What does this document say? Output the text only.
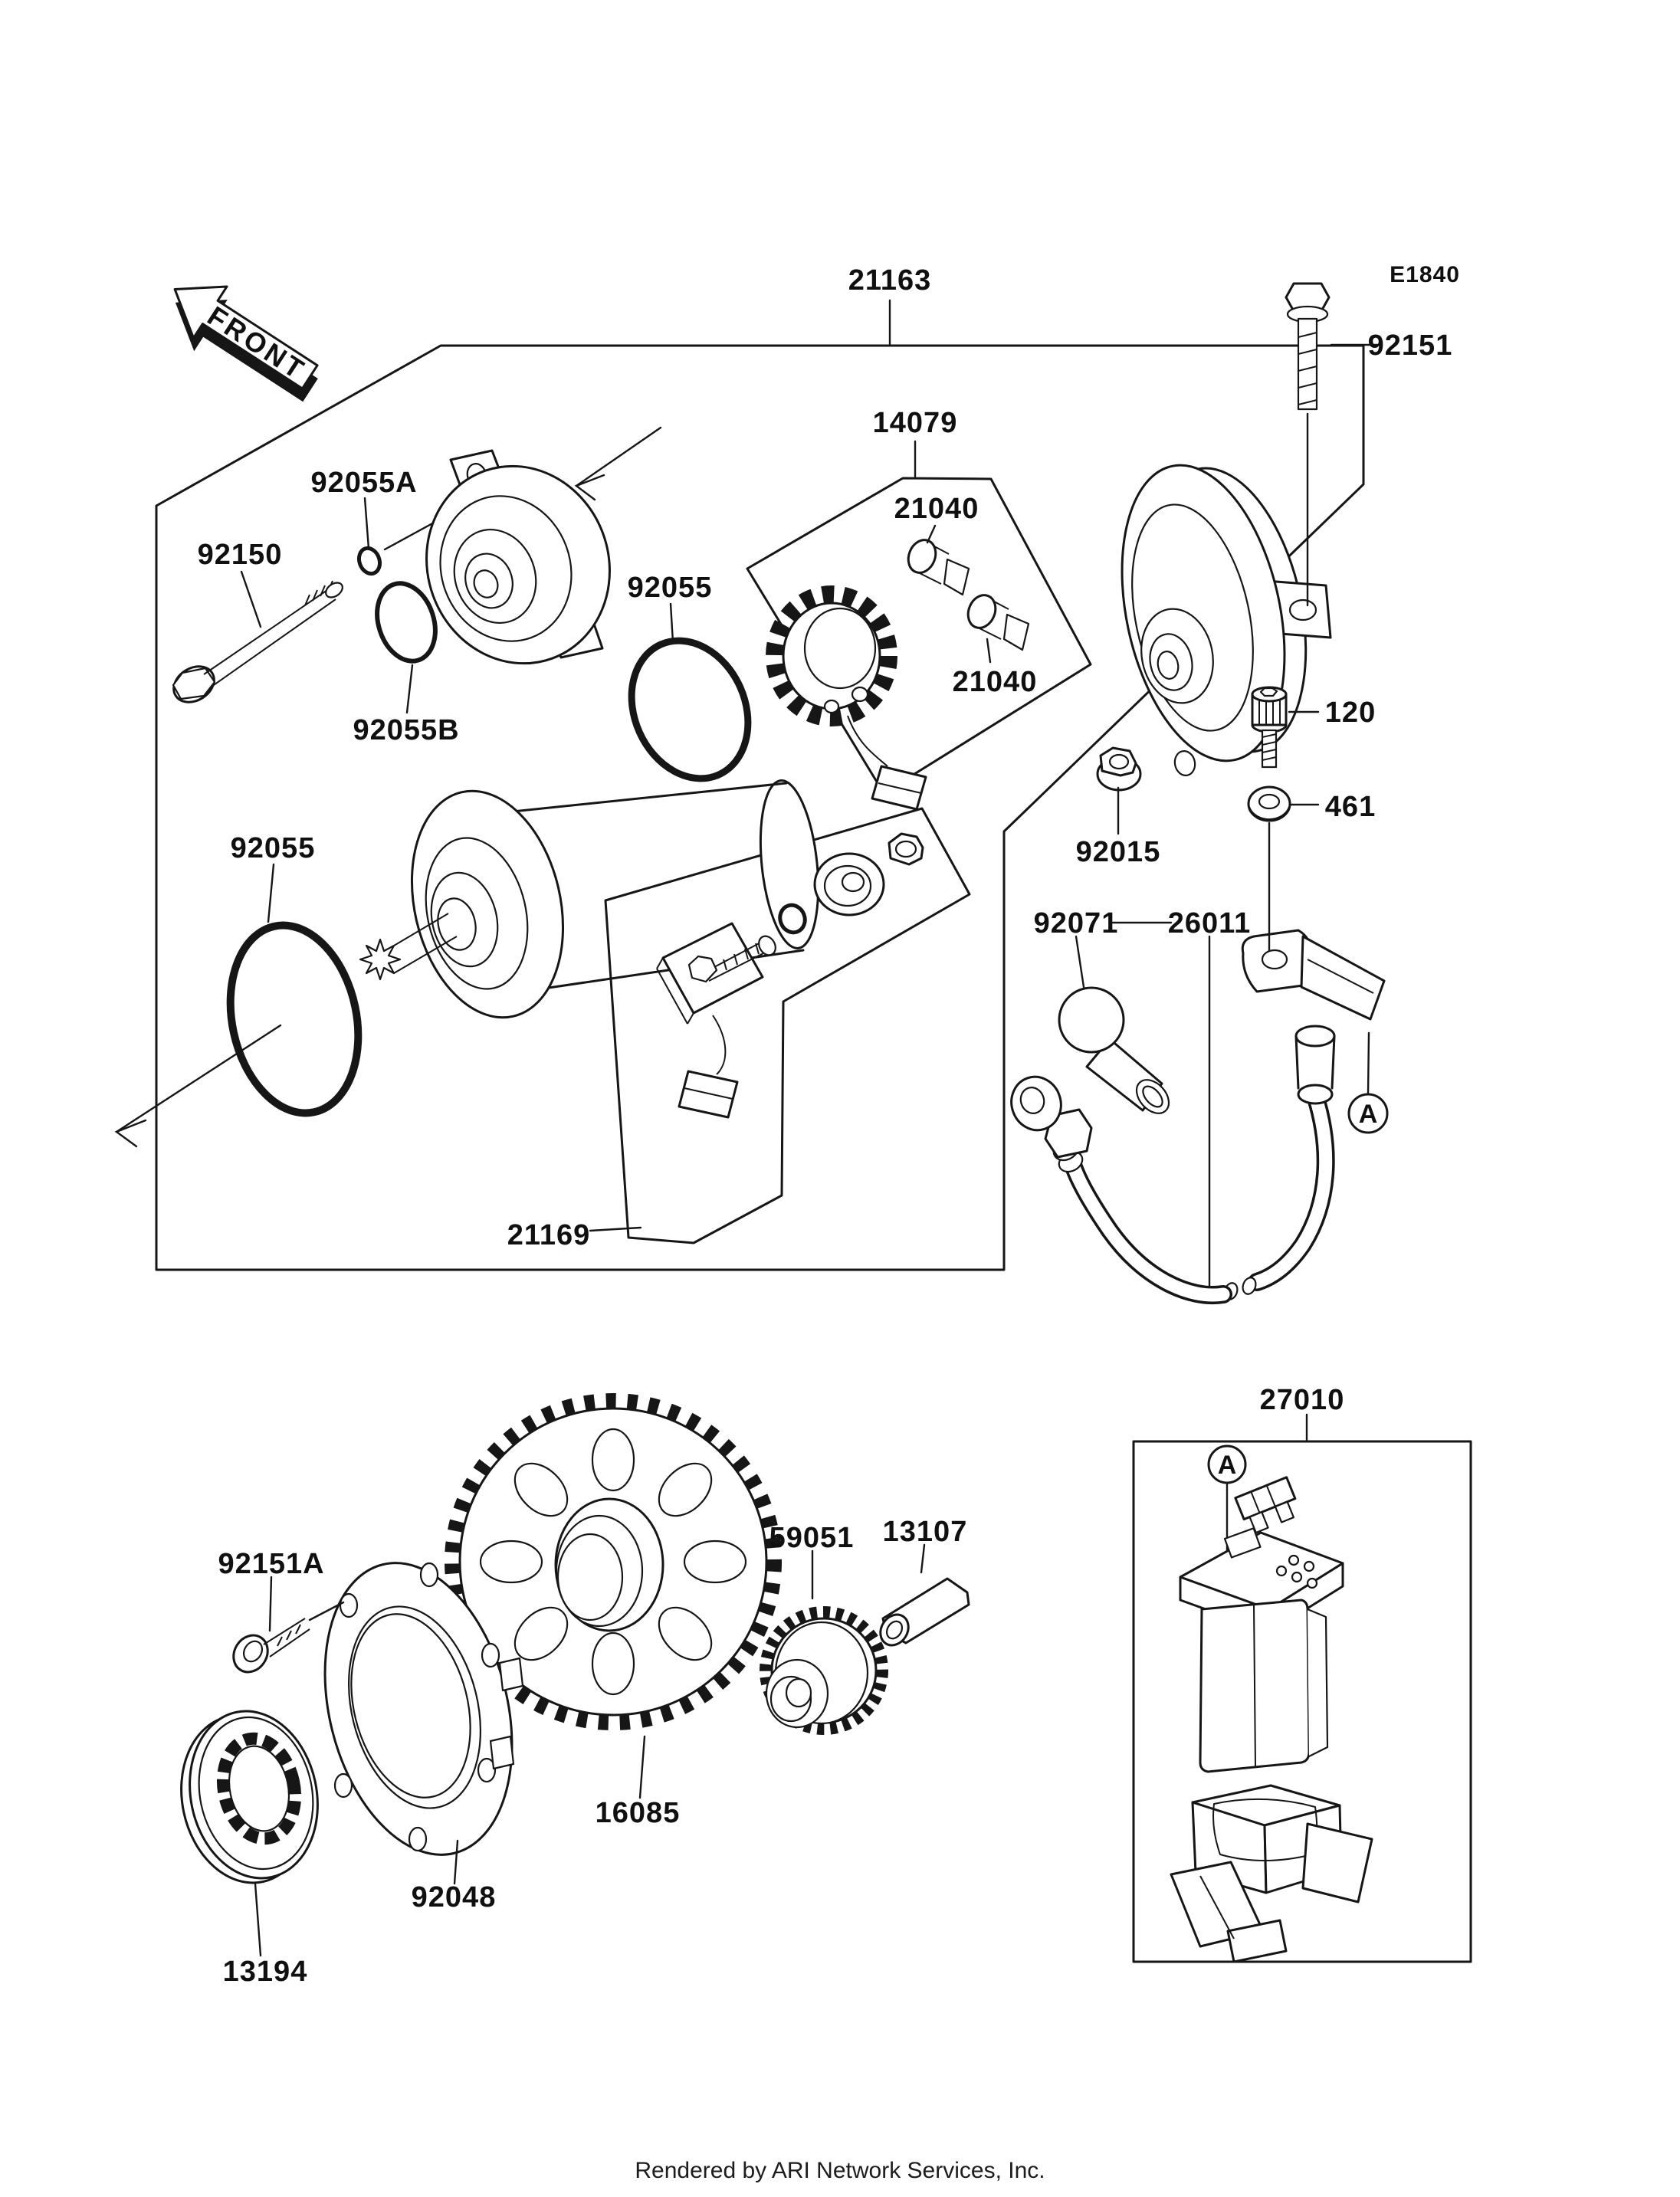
FRONT
A
A
21163	E1840
92151
14079
21040
21040
92055A
92150
92055B
92055
92055
21169
92015
120
461
92071 26011
27010
92151A
59051 13107
16085
92048
13194
Rendered by ARI Network Services, Inc.
